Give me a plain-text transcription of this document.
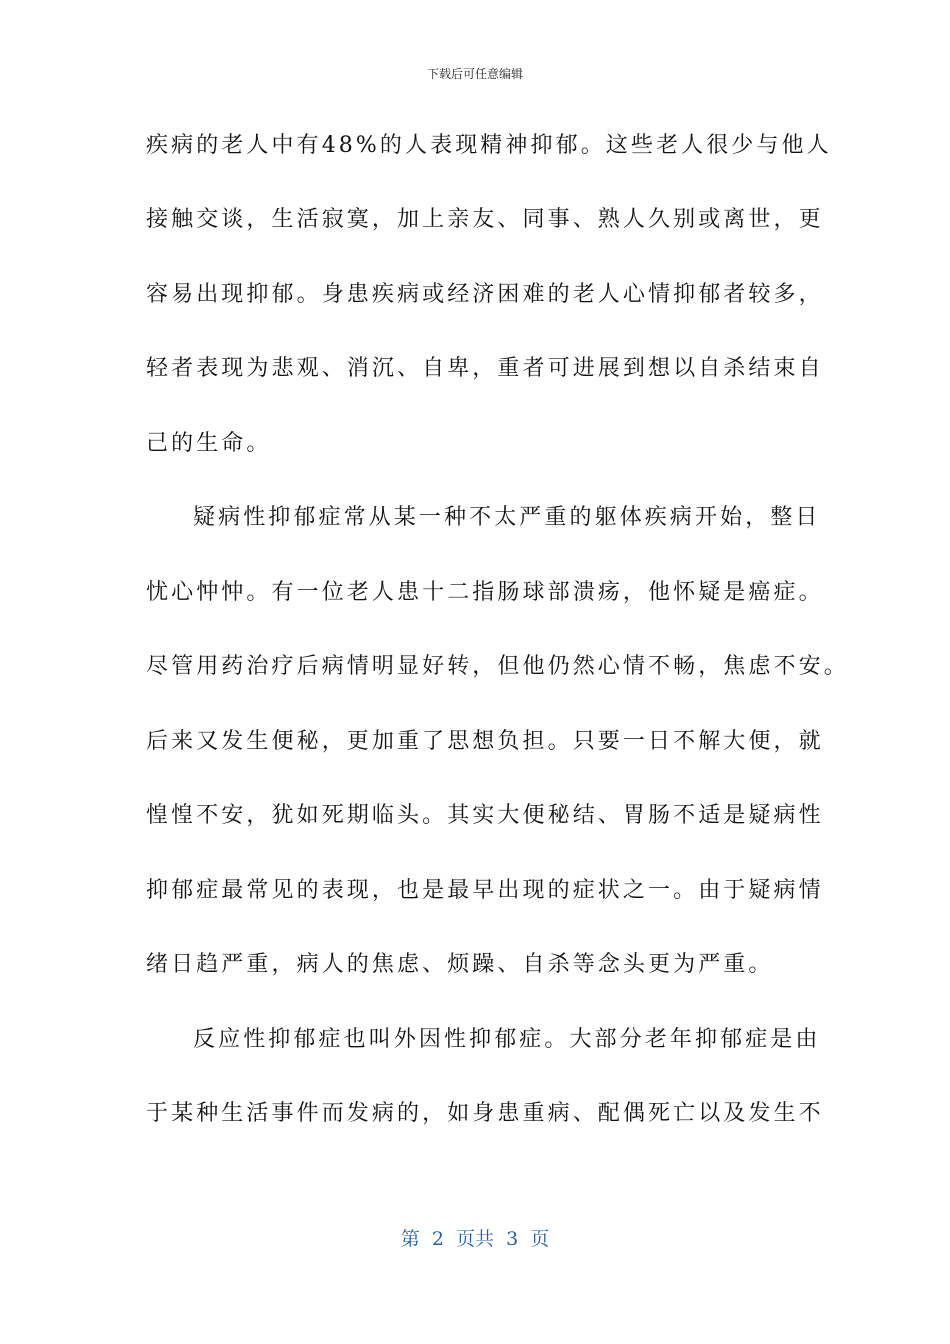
下载后可任意编辑
疾病的老人中有48%的人表现精神抑郁。这些老人很少与他人
接触交谈，生活寂寞，加上亲友、同事、熟人久别或离世，更
容易出现抑郁。身患疾病或经济困难的老人心情抑郁者较多，
轻者表现为悲观、消沉、自卑，重者可进展到想以自杀结束自
己的生命。
疑病性抑郁症常从某一种不太严重的躯体疾病开始，整日
忧心忡忡。有一位老人患十二指肠球部溃疡，他怀疑是癌症。
尽管用药治疗后病情明显好转，但他仍然心情不畅，焦虑不安。
后来又发生便秘，更加重了思想负担。只要一日不解大便，就
惶惶不安，犹如死期临头。其实大便秘结、胃肠不适是疑病性
抑郁症最常见的表现，也是最早出现的症状之一。由于疑病情
绪日趋严重，病人的焦虑、烦躁、自杀等念头更为严重。
反应性抑郁症也叫外因性抑郁症。大部分老年抑郁症是由
于某种生活事件而发病的，如身患重病、配偶死亡以及发生不
第  2  页共  3  页
